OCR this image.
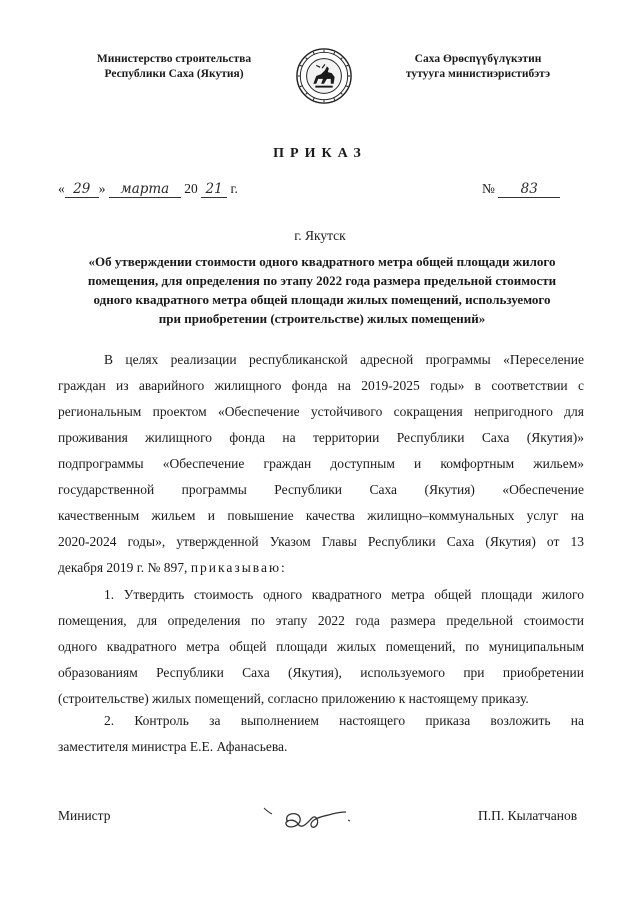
Министерство строительства
Республики Саха (Якутия)
Саха Өрөспүүбүлүкэтин
тутууга министиэристибэтэ
ПРИКАЗ
« 29 » марта 20 21 г.	№ 83
г. Якутск
«Об утверждении стоимости одного квадратного метра общей площади жилого
помещения, для определения по этапу 2022 года размера предельной стоимости
одного квадратного метра общей площади жилых помещений, используемого
при приобретении (строительстве) жилых помещений»
В целях реализации республиканской адресной программы «Переселение
граждан из аварийного жилищного фонда на 2019-2025 годы» в соответствии с
региональным проектом «Обеспечение устойчивого сокращения непригодного для
проживания жилищного фонда на территории Республики Саха (Якутия)»
подпрограммы «Обеспечение граждан доступным и комфортным жильем»
государственной программы Республики Саха (Якутия) «Обеспечение
качественным жильем и повышение качества жилищно–коммунальных услуг на
2020-2024 годы», утвержденной Указом Главы Республики Саха (Якутия) от 13
декабря 2019 г. № 897, приказываю:
1. Утвердить стоимость одного квадратного метра общей площади жилого
помещения, для определения по этапу 2022 года размера предельной стоимости
одного квадратного метра общей площади жилых помещений, по муниципальным
образованиям Республики Саха (Якутия), используемого при приобретении
(строительстве) жилых помещений, согласно приложению к настоящему приказу.
2. Контроль за выполнением настоящего приказа возложить на
заместителя министра Е.Е. Афанасьева.
Министр	П.П. Кылатчанов
